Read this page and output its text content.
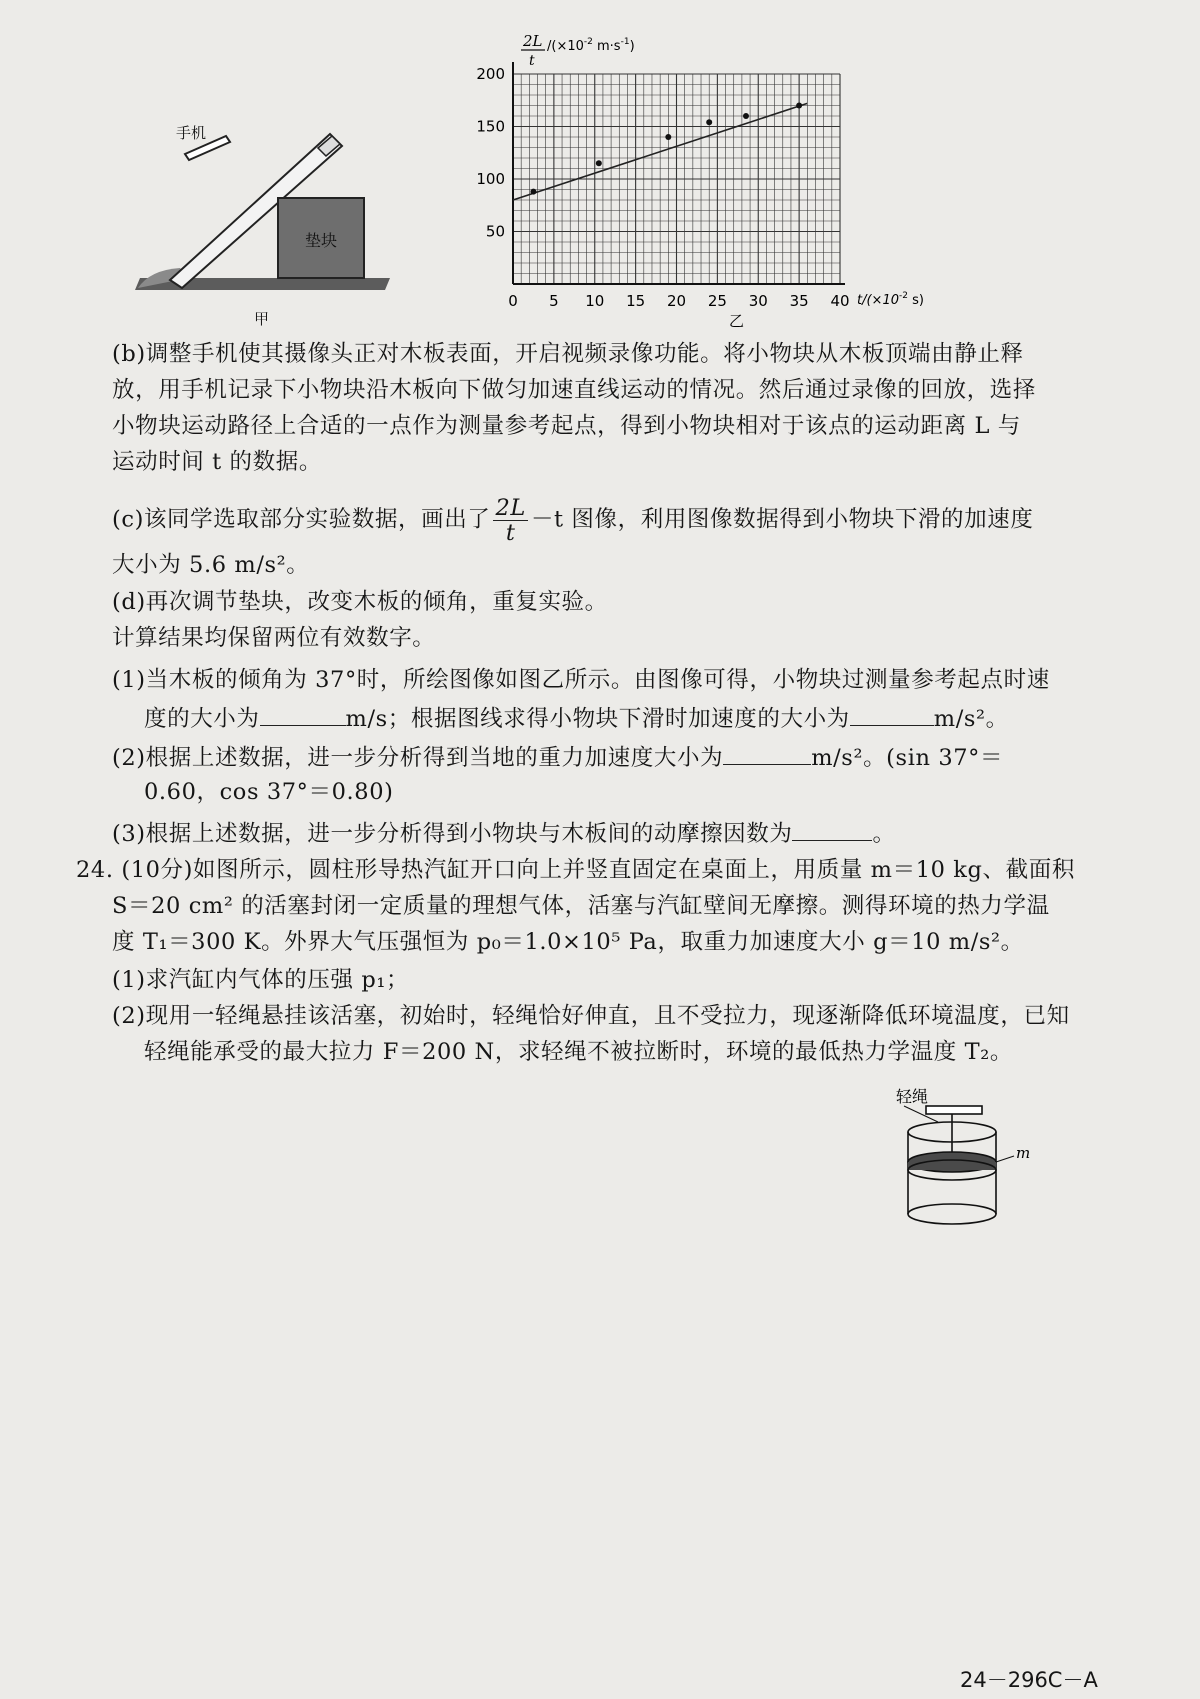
垫块
手机
甲
0 5 10 15 20 25 30 35 40
50
100
150
200
2L
t
$/(\times 10^{-2}$ $m\cdot s^{-1}$)
$t/(\times 10^{-2}$ s)
乙
(b)调整手机使其摄像头正对木板表面，开启视频录像功能。将小物块从木板顶端由静止释
放，用手机记录下小物块沿木板向下做匀加速直线运动的情况。然后通过录像的回放，选择
小物块运动路径上合适的一点作为测量参考起点，得到小物块相对于该点的运动距离 L 与
运动时间 t 的数据。
(c)该同学选取部分实验数据，画出了 $\frac{2L}{t} -t$ 图像，利用图像数据得到小物块下滑的加速度
大小为 5.6 m/s²。
(d)再次调节垫块，改变木板的倾角，重复实验。
计算结果均保留两位有效数字。
(1)当木板的倾角为 37°时，所绘图像如图乙所示。由图像可得，小物块过测量参考起点时速
度的大小为	m/s；根据图线求得小物块下滑时加速度的大小为	m/s²。
(2)根据上述数据，进一步分析得到当地的重力加速度大小为	m/s²。(sin 37°＝
0.60，cos 37°＝0.80)
(3)根据上述数据，进一步分析得到小物块与木板间的动摩擦因数为	。
24. (10分)如图所示，圆柱形导热汽缸开口向上并竖直固定在桌面上，用质量 m＝10 kg、截面积
S＝20 cm² 的活塞封闭一定质量的理想气体，活塞与汽缸壁间无摩擦。测得环境的热力学温
度 T₁＝300 K。外界大气压强恒为 p₀＝1.0×10⁵ Pa，取重力加速度大小 g＝10 m/s²。
(1)求汽缸内气体的压强 p₁；
(2)现用一轻绳悬挂该活塞，初始时，轻绳恰好伸直，且不受拉力，现逐渐降低环境温度，已知
轻绳能承受的最大拉力 F＝200 N，求轻绳不被拉断时，环境的最低热力学温度 T₂。
轻绳
m
24－296C－A
